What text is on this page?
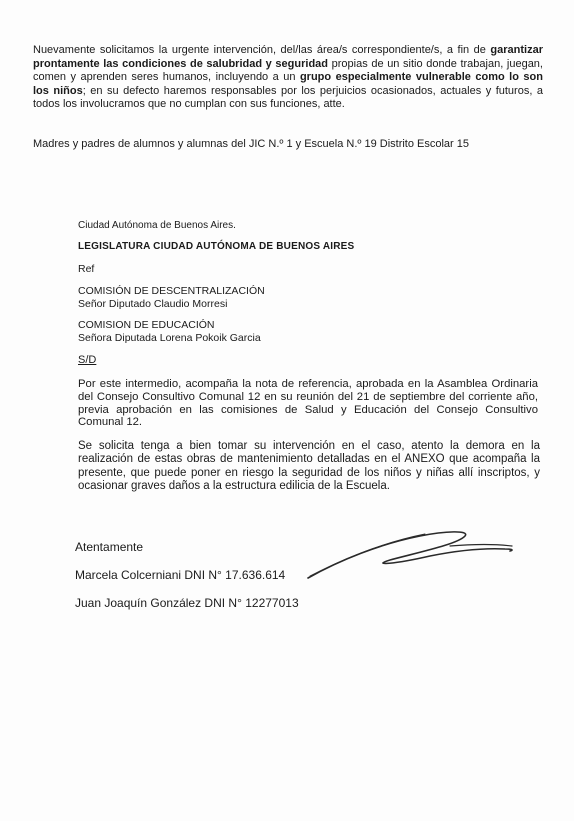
Nuevamente solicitamos la urgente intervención, del/las área/s correspondiente/s, a fin de garantizar prontamente las condiciones de salubridad y seguridad propias de un sitio donde trabajan, juegan, comen y aprenden seres humanos, incluyendo a un grupo especialmente vulnerable como lo son los niños; en su defecto haremos responsables por los perjuicios ocasionados, actuales y futuros, a todos los involucramos que no cumplan con sus funciones, atte.

Madres y padres de alumnos y alumnas del JIC N.º 1 y Escuela N.º 19 Distrito Escolar 15

Ciudad Autónoma de Buenos Aires.

LEGISLATURA CIUDAD AUTÓNOMA DE BUENOS AIRES

Ref

COMISIÓN DE DESCENTRALIZACIÓN
Señor Diputado Claudio Morresi
COMISION DE EDUCACIÓN
Señora Diputada Lorena Pokoik Garcia

S/D

Por este intermedio, acompaña la nota de referencia, aprobada en la Asamblea Ordinaria del Consejo Consultivo Comunal 12 en su reunión del 21 de septiembre del corriente año, previa aprobación en las comisiones de Salud y Educación del Consejo Consultivo Comunal 12.

Se solicita tenga a bien tomar su intervención en el caso, atento la demora en la realización de estas obras de mantenimiento detalladas en el ANEXO que acompaña la presente, que puede poner en riesgo la seguridad de los niños y niñas allí inscriptos, y ocasionar graves daños a la estructura edilicia de la Escuela.

Atentamente

Marcela Colcerniani DNI N° 17.636.614

Juan Joaquín González DNI N° 12277013
